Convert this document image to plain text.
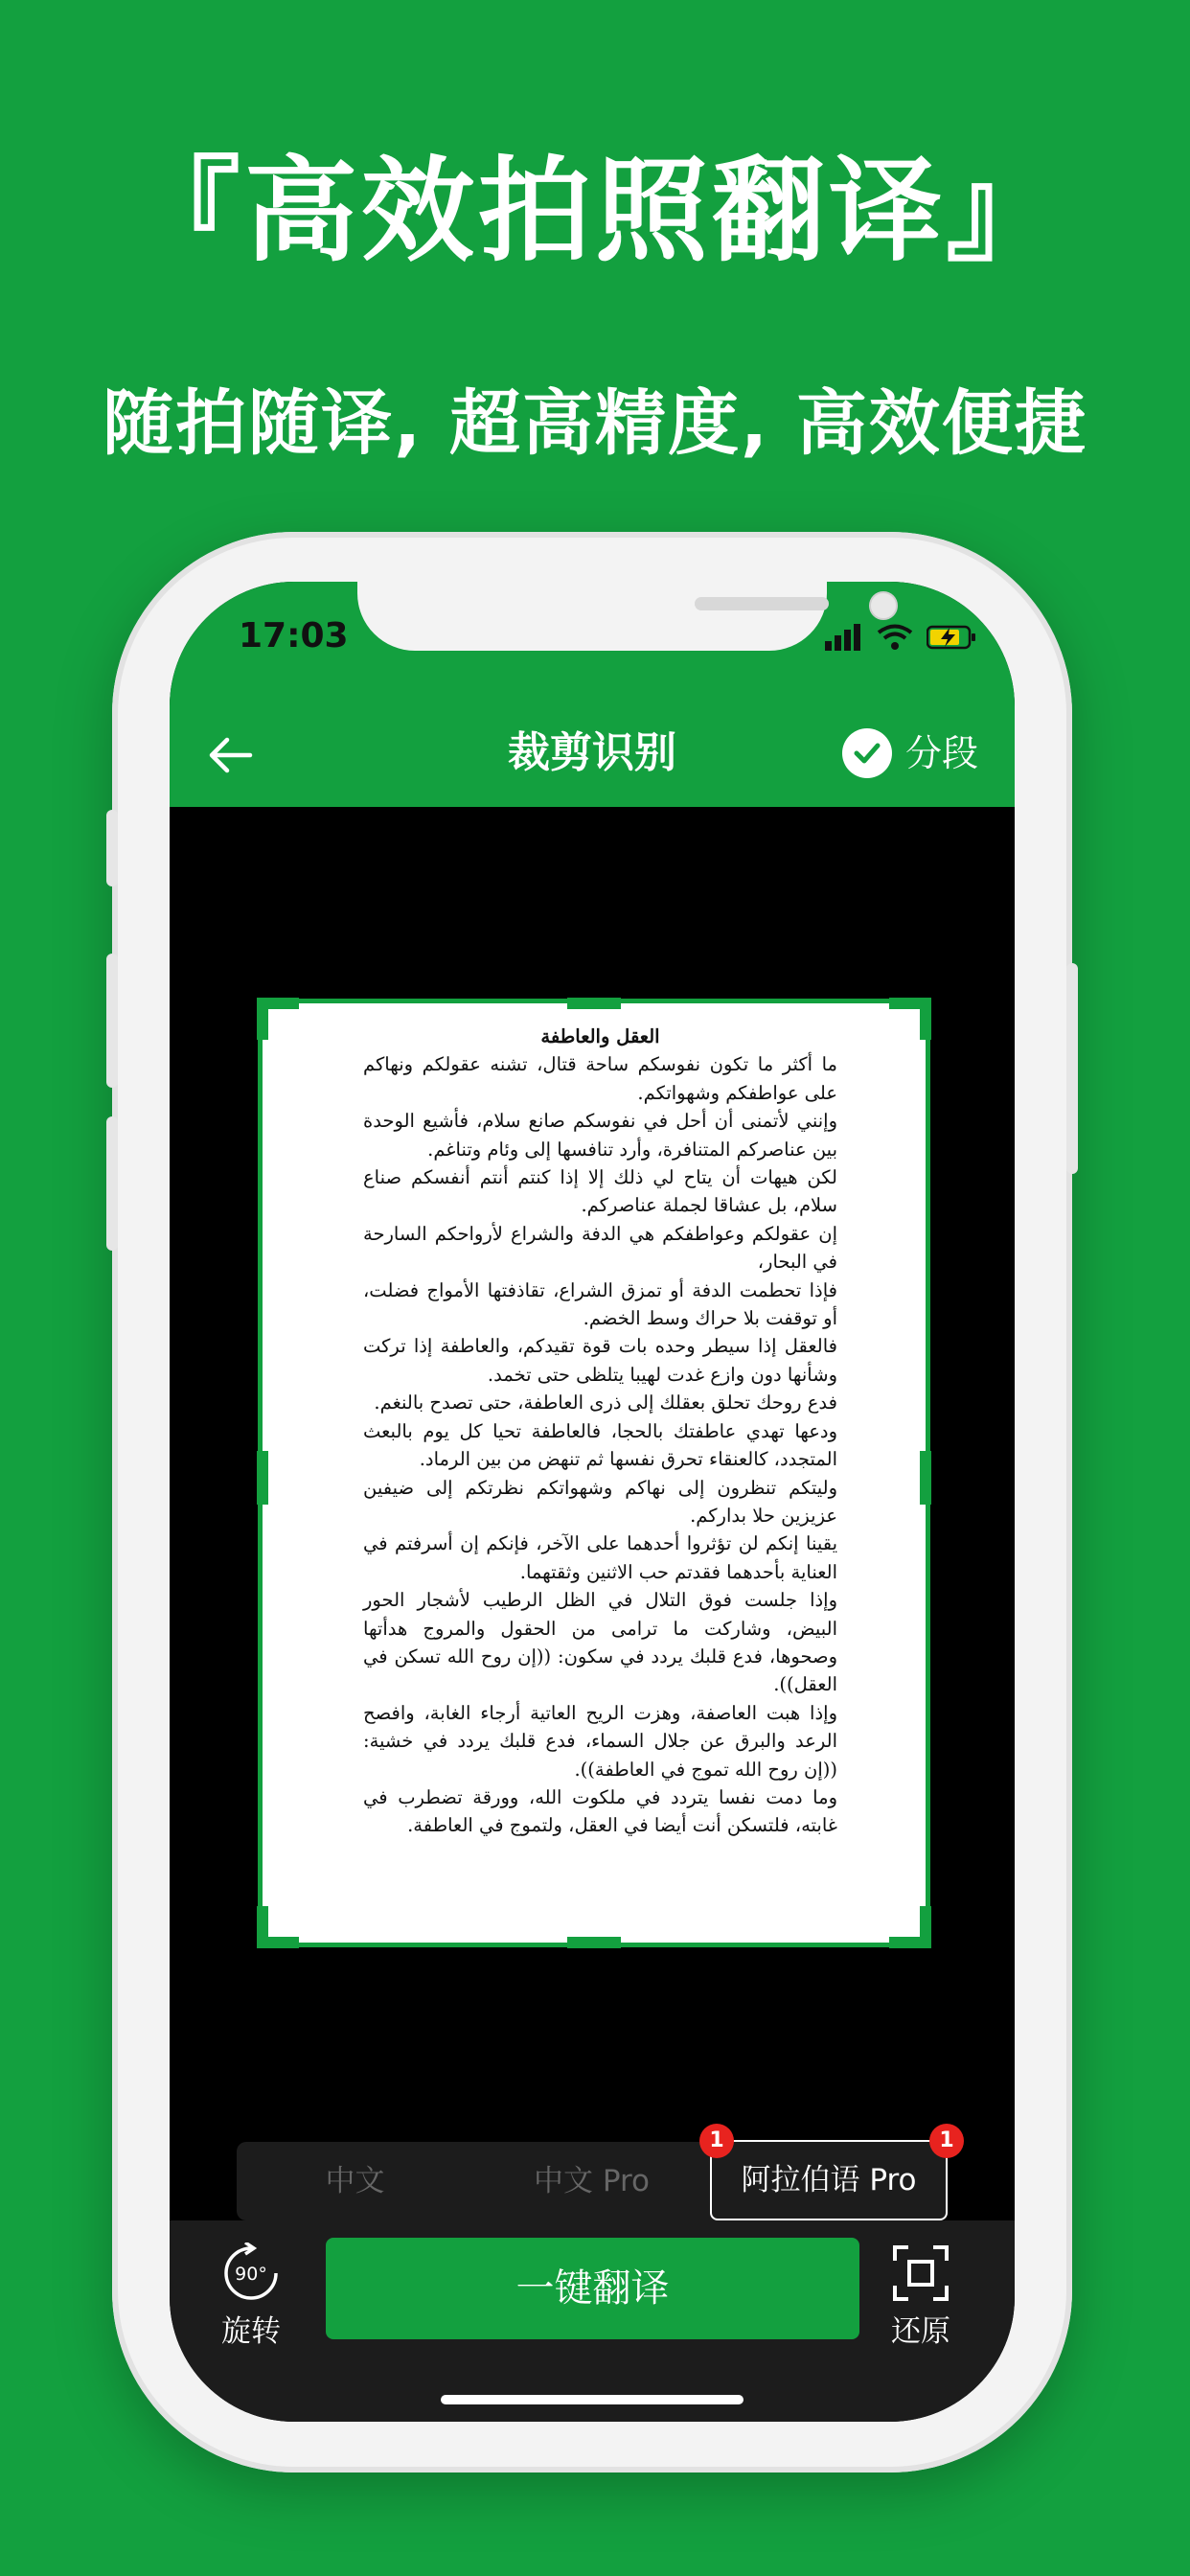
『高效拍照翻译』
随拍随译, 超高精度, 高效便捷
17:03
裁剪识别	分段

العقل والعاطفة

ما أكثر ما تكون نفوسكم ساحة قتال، تشنه عقولكم ونهاكم على عواطفكم وشهواتكم.

وإنني لأتمنى أن أحل في نفوسكم صانع سلام، فأشيع الوحدة بين عناصركم المتنافرة، وأرد تنافسها إلى وئام وتناغم.

لكن هيهات أن يتاح لي ذلك إلا إذا كنتم أنتم أنفسكم صناع سلام، بل عشاقا لجملة عناصركم.

إن عقولكم وعواطفكم هي الدفة والشراع لأرواحكم السارحة في البحار،

فإذا تحطمت الدفة أو تمزق الشراع، تقاذفتها الأمواج فضلت، أو توقفت بلا حراك وسط الخضم.

فالعقل إذا سيطر وحده بات قوة تقيدكم، والعاطفة إذا تركت وشأنها دون وازع غدت لهيبا يتلظى حتى تخمد.

فدع روحك تحلق بعقلك إلى ذرى العاطفة، حتى تصدح بالنغم.

ودعها تهدي عاطفتك بالحجا، فالعاطفة تحيا كل يوم بالبعث المتجدد، كالعنقاء تحرق نفسها ثم تنهض من بين الرماد.

وليتكم تنظرون إلى نهاكم وشهواتكم نظرتكم إلى ضيفين عزيزين حلا بداركم.

يقينا إنكم لن تؤثروا أحدهما على الآخر، فإنكم إن أسرفتم في العناية بأحدهما فقدتم حب الاثنين وثقتهما.

وإذا جلست فوق التلال في الظل الرطيب لأشجار الحور البيض، وشاركت ما ترامى من الحقول والمروج هدأتها وصحوها، فدع قلبك يردد في سكون: ((إن روح الله تسكن في العقل)).

وإذا هبت العاصفة، وهزت الريح العاتية أرجاء الغابة، وافصح الرعد والبرق عن جلال السماء، فدع قلبك يردد في خشية: ((إن روح الله تموج في العاطفة)).

وما دمت نفسا يتردد في ملكوت الله، وورقة تضطرب في غابته، فلتسكن أنت أيضا في العقل، ولتموج في العاطفة.

中文	中文 Pro	阿拉伯语 Pro
1	1
90°
旋转
一键翻译
还原
